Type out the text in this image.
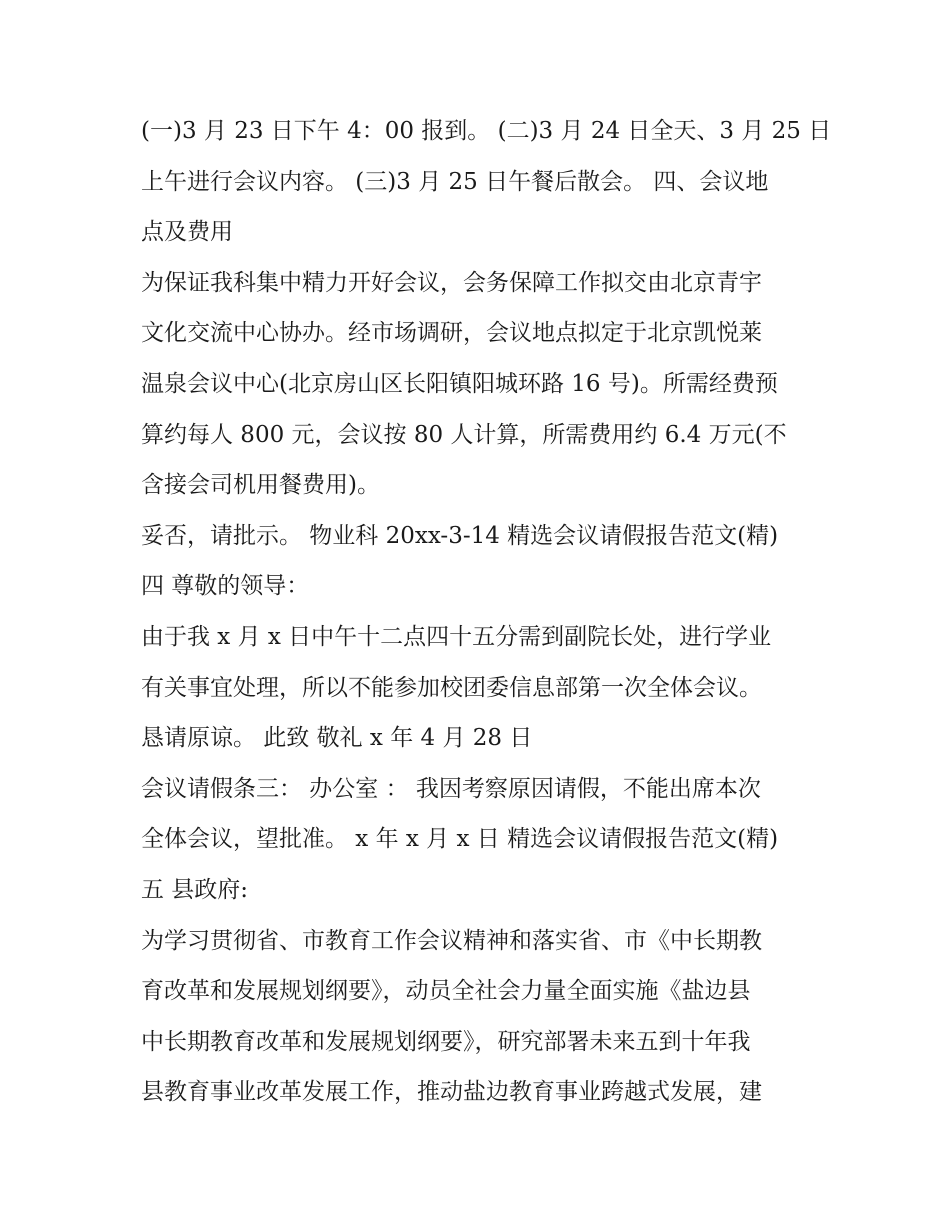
(一)3 月 23 日下午 4：00 报到。 (二)3 月 24 日全天、3 月 25 日
上午进行会议内容。 (三)3 月 25 日午餐后散会。 四、会议地
点及费用
为保证我科集中精力开好会议，会务保障工作拟交由北京青宇
文化交流中心协办。经市场调研，会议地点拟定于北京凯悦莱
温泉会议中心(北京房山区长阳镇阳城环路 16 号)。所需经费预
算约每人 800 元，会议按 80 人计算，所需费用约 6.4 万元(不
含接会司机用餐费用)。
妥否，请批示。 物业科 20xx-3-14 精选会议请假报告范文(精)
四 尊敬的领导：
由于我 x 月 x 日中午十二点四十五分需到副院长处，进行学业
有关事宜处理，所以不能参加校团委信息部第一次全体会议。
恳请原谅。 此致 敬礼 x 年 4 月 28 日
会议请假条三： 办公室 ： 我因考察原因请假，不能出席本次
全体会议，望批准。 x 年 x 月 x 日 精选会议请假报告范文(精)
五 县政府:
为学习贯彻省、市教育工作会议精神和落实省、市《中长期教
育改革和发展规划纲要》，动员全社会力量全面实施《盐边县
中长期教育改革和发展规划纲要》，研究部署未来五到十年我
县教育事业改革发展工作，推动盐边教育事业跨越式发展，建
